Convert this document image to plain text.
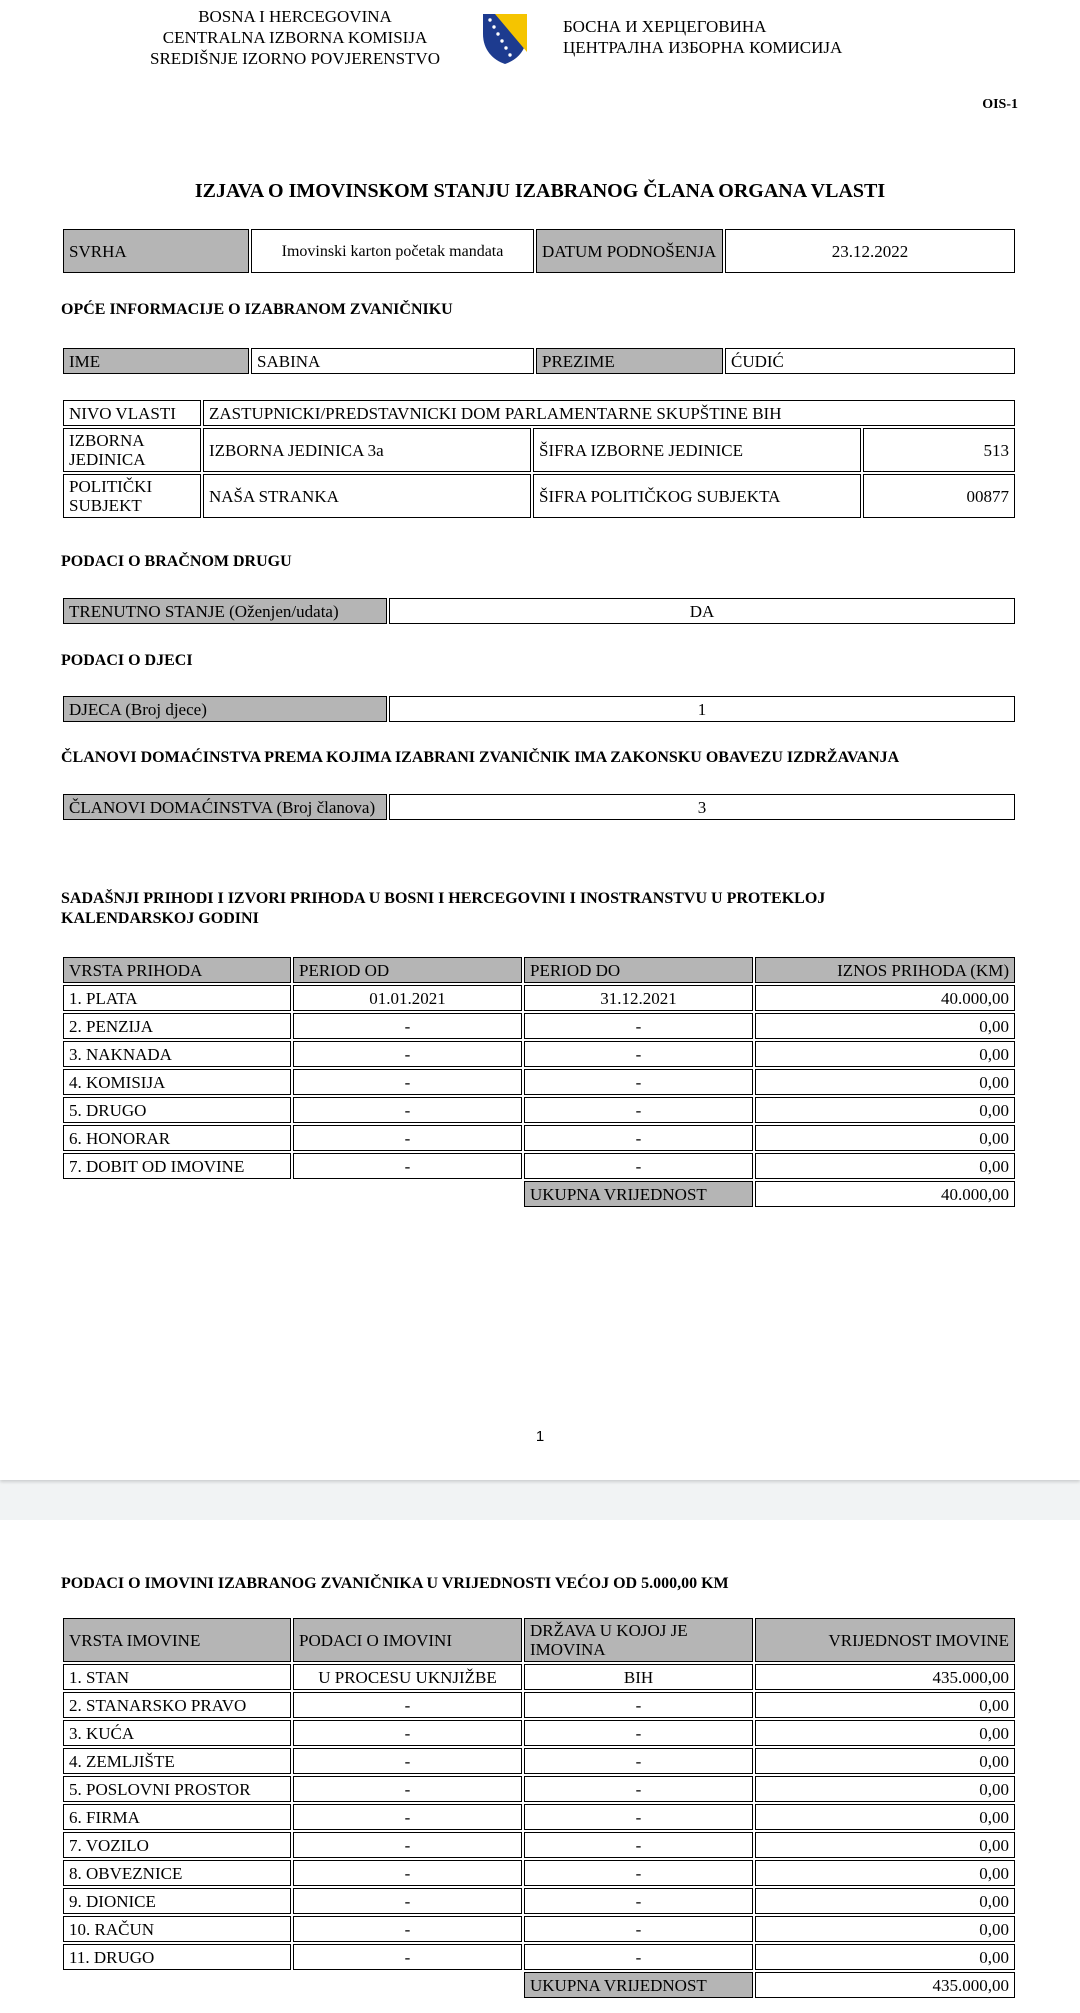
BOSNA I HERCEGOVINA
CENTRALNA IZBORNA KOMISIJA
SREDIŠNJE IZORNO POVJERENSTVO
БОСНА И ХЕРЦЕГОВИНА
ЦЕНТРАЛНА ИЗБОРНА КОМИСИЈА
OIS-1
IZJAVA O IMOVINSKOM STANJU IZABRANOG ČLANA ORGANA VLASTI
SVRHA	Imovinski karton početak mandata	DATUM PODNOŠENJA	23.12.2022
OPĆE INFORMACIJE O IZABRANOM ZVANIČNIKU
IME	SABINA	PREZIME	ĆUDIĆ
NIVO VLASTI	ZASTUPNICKI/PREDSTAVNICKI DOM PARLAMENTARNE SKUPŠTINE BIH		
IZBORNA JEDINICA	IZBORNA JEDINICA 3a	ŠIFRA IZBORNE JEDINICE	513
POLITIČKI SUBJEKT	NAŠA STRANKA	ŠIFRA POLITIČKOG SUBJEKTA	00877
PODACI O BRAČNOM DRUGU
TRENUTNO STANJE (Oženjen/udata)	DA
PODACI O DJECI
DJECA (Broj djece)	1
ČLANOVI DOMAĆINSTVA PREMA KOJIMA IZABRANI ZVANIČNIK IMA ZAKONSKU OBAVEZU IZDRŽAVANJA
ČLANOVI DOMAĆINSTVA (Broj članova)	3
SADAŠNJI PRIHODI I IZVORI PRIHODA U BOSNI I HERCEGOVINI I INOSTRANSTVU U PROTEKLOJ
KALENDARSKOJ GODINI
VRSTA PRIHODA	PERIOD OD	PERIOD DO	IZNOS PRIHODA (KM)
1. PLATA	01.01.2021	31.12.2021	40.000,00
2. PENZIJA	-	-	0,00
3. NAKNADA	-	-	0,00
4. KOMISIJA	-	-	0,00
5. DRUGO	-	-	0,00
6. HONORAR	-	-	0,00
7. DOBIT OD IMOVINE	-	-	0,00
		UKUPNA VRIJEDNOST	40.000,00
1
PODACI O IMOVINI IZABRANOG ZVANIČNIKA U VRIJEDNOSTI VEĆOJ OD 5.000,00 KM
VRSTA IMOVINE	PODACI O IMOVINI	DRŽAVA U KOJOJ JE IMOVINA	VRIJEDNOST IMOVINE
1. STAN	U PROCESU UKNJIŽBE	BIH	435.000,00
2. STANARSKO PRAVO	-	-	0,00
3. KUĆA	-	-	0,00
4. ZEMLJIŠTE	-	-	0,00
5. POSLOVNI PROSTOR	-	-	0,00
6. FIRMA	-	-	0,00
7. VOZILO	-	-	0,00
8. OBVEZNICE	-	-	0,00
9. DIONICE	-	-	0,00
10. RAČUN	-	-	0,00
11. DRUGO	-	-	0,00
		UKUPNA VRIJEDNOST	435.000,00
